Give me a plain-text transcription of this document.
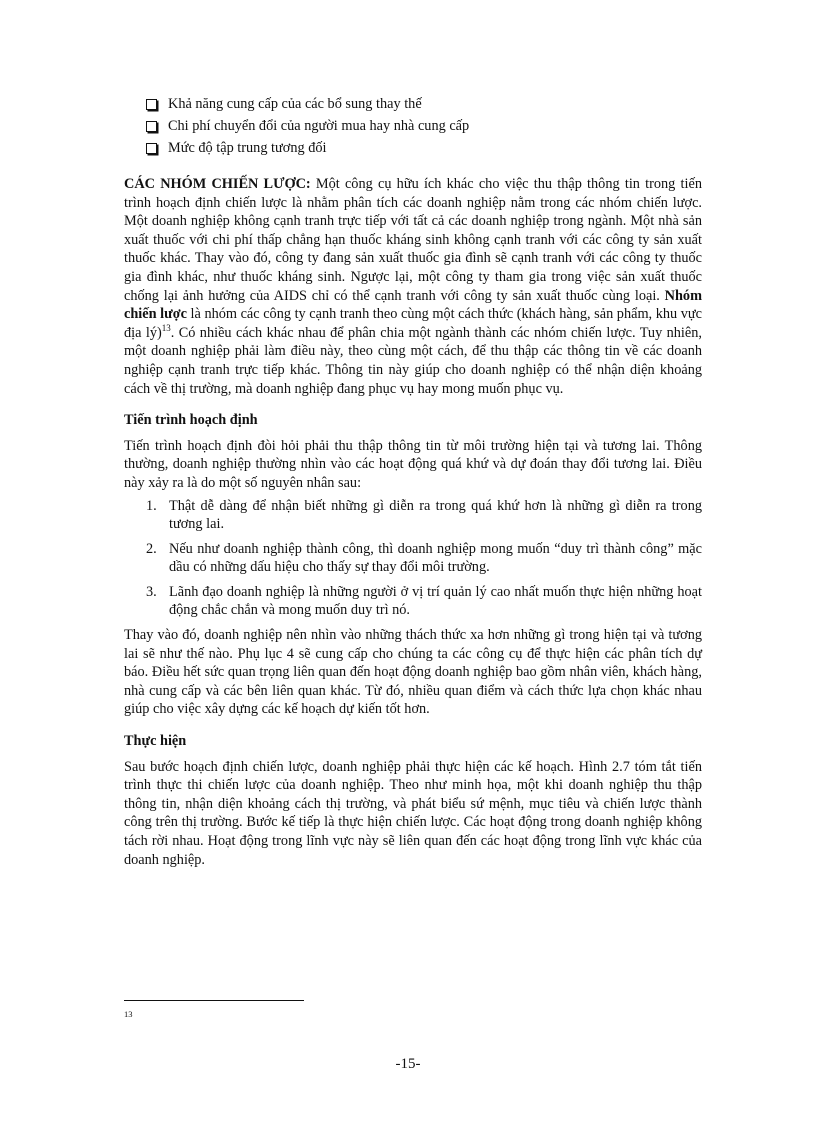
Khả năng cung cấp của các bổ sung thay thế
Chi phí chuyển đổi của người mua hay nhà cung cấp
Mức độ tập trung tương đối

CÁC NHÓM CHIẾN LƯỢC: Một công cụ hữu ích khác cho việc thu thập thông tin trong tiến trình hoạch định chiến lược là nhằm phân tích các doanh nghiệp nằm trong các nhóm chiến lược. Một doanh nghiệp không cạnh tranh trực tiếp với tất cả các doanh nghiệp trong ngành. Một nhà sản xuất thuốc với chi phí thấp chẳng hạn thuốc kháng sinh không cạnh tranh với các công ty sản xuất thuốc khác. Thay vào đó, công ty đang sản xuất thuốc gia đình sẽ cạnh tranh với các công ty thuốc gia đình khác, như thuốc kháng sinh. Ngược lại, một công ty tham gia trong việc sản xuất thuốc chống lại ảnh hưởng của AIDS chỉ có thể cạnh tranh với công ty sản xuất thuốc cùng loại. Nhóm chiến lược là nhóm các công ty cạnh tranh theo cùng một cách thức (khách hàng, sản phẩm, khu vực địa lý)$^{13}$. Có nhiều cách khác nhau để phân chia một ngành thành các nhóm chiến lược. Tuy nhiên, một doanh nghiệp phải làm điều này, theo cùng một cách, để thu thập các thông tin về các doanh nghiệp cạnh tranh trực tiếp khác. Thông tin này giúp cho doanh nghiệp có thể nhận diện khoảng cách về thị trường, mà doanh nghiệp đang phục vụ hay mong muốn phục vụ.

Tiến trình hoạch định

Tiến trình hoạch định đòi hỏi phải thu thập thông tin từ môi trường hiện tại và tương lai. Thông thường, doanh nghiệp thường nhìn vào các hoạt động quá khứ và dự đoán thay đổi tương lai. Điều này xảy ra là do một số nguyên nhân sau:

1. Thật dễ dàng để nhận biết những gì diễn ra trong quá khứ hơn là những gì diễn ra trong tương lai.
2. Nếu như doanh nghiệp thành công, thì doanh nghiệp mong muốn “duy trì thành công” mặc dầu có những dấu hiệu cho thấy sự thay đổi môi trường.
3. Lãnh đạo doanh nghiệp là những người ở vị trí quản lý cao nhất muốn thực hiện những hoạt động chắc chắn và mong muốn duy trì nó.

Thay vào đó, doanh nghiệp nên nhìn vào những thách thức xa hơn những gì trong hiện tại và tương lai sẽ như thế nào. Phụ lục 4 sẽ cung cấp cho chúng ta các công cụ để thực hiện các phân tích dự báo. Điều hết sức quan trọng liên quan đến hoạt động doanh nghiệp bao gồm nhân viên, khách hàng, nhà cung cấp và các bên liên quan khác. Từ đó, nhiều quan điểm và cách thức lựa chọn khác nhau giúp cho việc xây dựng các kế hoạch dự kiến tốt hơn.

Thực hiện

Sau bước hoạch định chiến lược, doanh nghiệp phải thực hiện các kế hoạch. Hình 2.7 tóm tắt tiến trình thực thi chiến lược của doanh nghiệp. Theo như minh họa, một khi doanh nghiệp thu thập thông tin, nhận diện khoảng cách thị trường, và phát biểu sứ mệnh, mục tiêu và chiến lược thành công trên thị trường. Bước kế tiếp là thực hiện chiến lược. Các hoạt động trong doanh nghiệp không tách rời nhau. Hoạt động trong lĩnh vực này sẽ liên quan đến các hoạt động trong lĩnh vực khác của doanh nghiệp.

13
-15-
